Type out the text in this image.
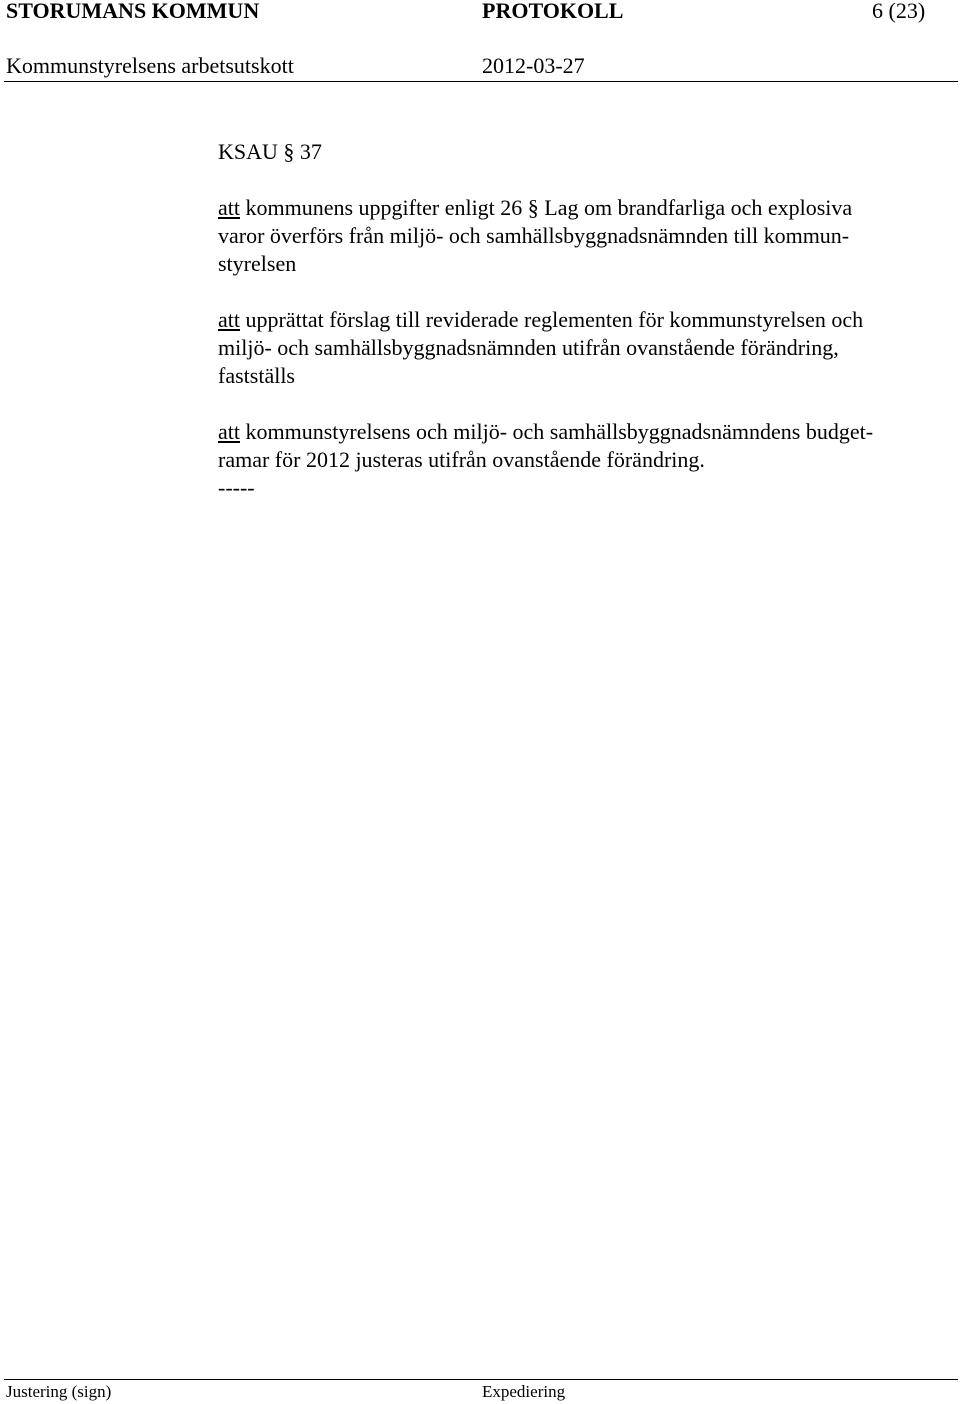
STORUMANS KOMMUN	PROTOKOLL	6 (23)
Kommunstyrelsens arbetsutskott	2012-03-27
KSAU § 37
att kommunens uppgifter enligt 26 § Lag om brandfarliga och explosiva
varor överförs från miljö- och samhällsbyggnadsnämnden till kommun-
styrelsen
att upprättat förslag till reviderade reglementen för kommunstyrelsen och
miljö- och samhällsbyggnadsnämnden utifrån ovanstående förändring,
fastställs
att kommunstyrelsens och miljö- och samhällsbyggnadsnämndens budget-
ramar för 2012 justeras utifrån ovanstående förändring.
-----
Justering (sign)	Expediering
